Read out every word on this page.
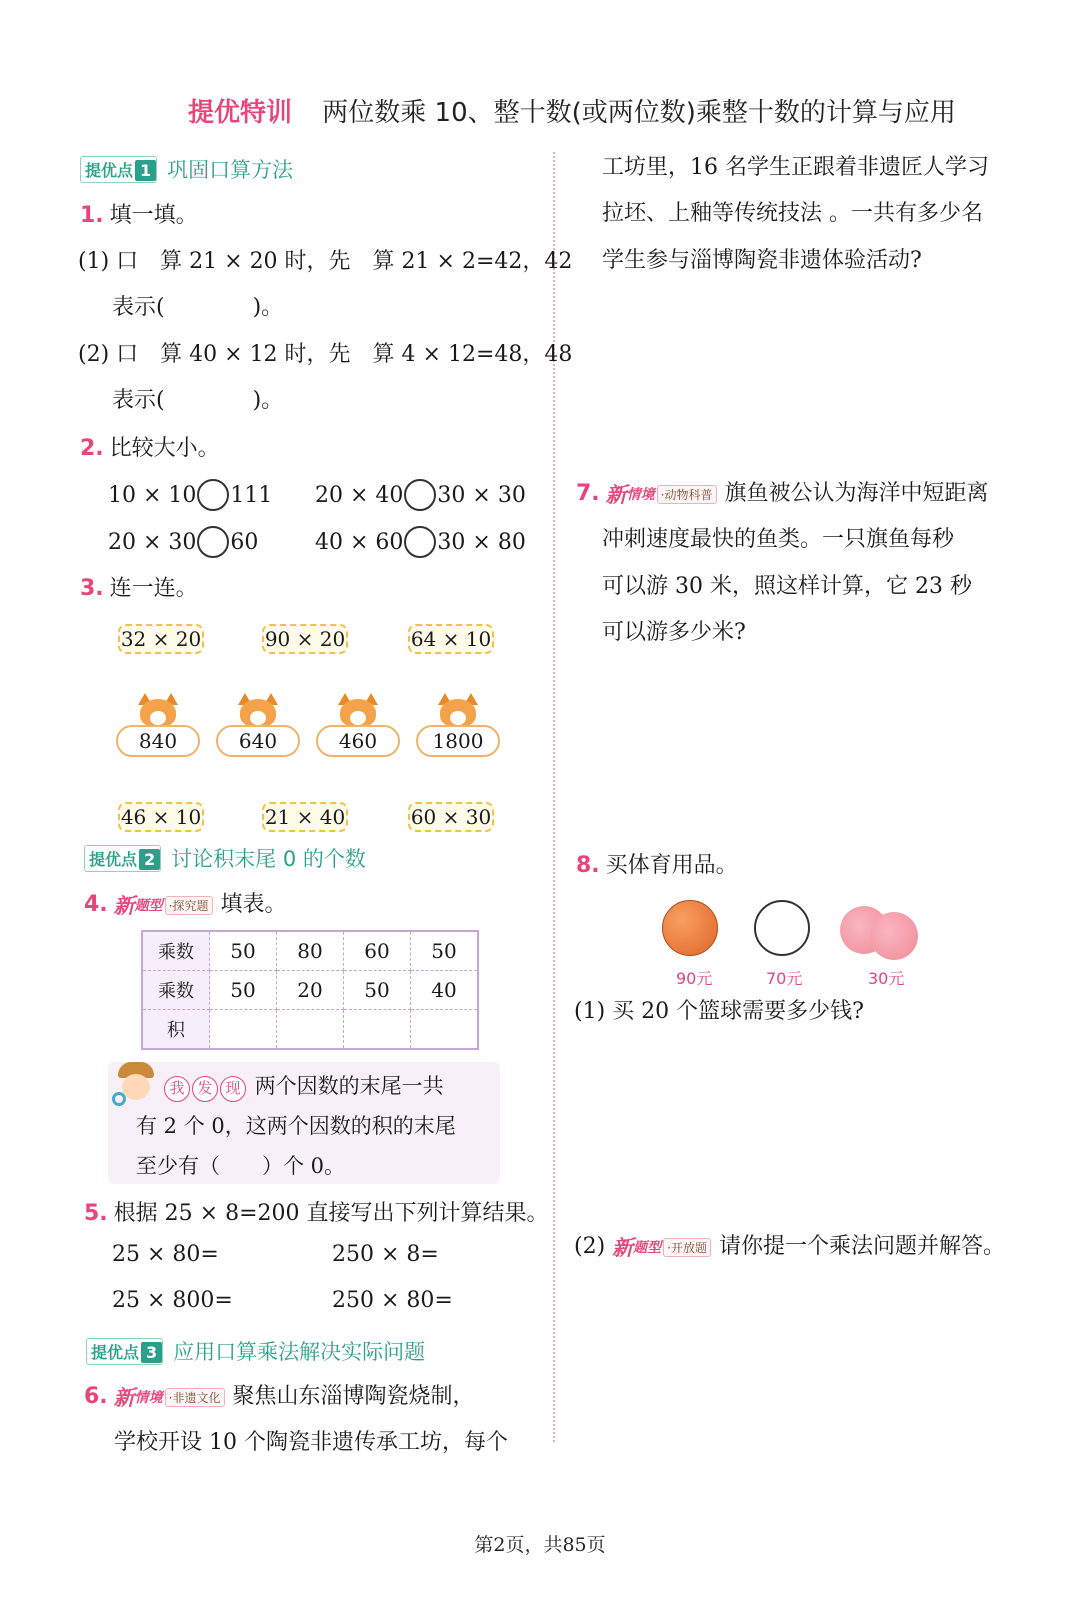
提优特训 两位数乘 10、整十数(或两位数)乘整十数的计算与应用
提优点 1 巩固口算方法
1. 填一填。
(1) 口　算 21 × 20 时，先　算 21 × 2=42，42
表示(　　　　)。
(2) 口　算 40 × 12 时，先　算 4 × 12=48，48
表示(　　　　)。
2. 比较大小。
10 × 10 111 20 × 40 30 × 30
20 × 30 60	40 × 60 30 × 80
3. 连一连。
32 × 20	90 × 20	64 × 10
840	640	460	1800
46 × 10	21 × 40	60 × 30
提优点 2 讨论积末尾 0 的个数
4. 新 题型 ·探究题 填表。
乘数	50	80	60	50
乘数	50	20	50	40
积				
我 发 现 两个因数的末尾一共
有 2 个 0，这两个因数的积的末尾
至少有（　　）个 0。
5. 根据 25 × 8=200 直接写出下列计算结果。
25 × 80=	250 × 8=
25 × 800=	250 × 80=
提优点 3 应用口算乘法解决实际问题
6. 新 情境 ·非遗文化 聚焦山东淄博陶瓷烧制，
学校开设 10 个陶瓷非遗传承工坊，每个
工坊里，16 名学生正跟着非遗匠人学习
拉坯、上釉等传统技法 。一共有多少名
学生参与淄博陶瓷非遗体验活动?
7. 新 情境 ·动物科普 旗鱼被公认为海洋中短距离
冲刺速度最快的鱼类。一只旗鱼每秒
可以游 30 米，照这样计算，它 23 秒
可以游多少米?
8. 买体育用品。
90元	70元	30元
(1) 买 20 个篮球需要多少钱?
(2) 新 题型 ·开放题 请你提一个乘法问题并解答。
第2页，共85页
